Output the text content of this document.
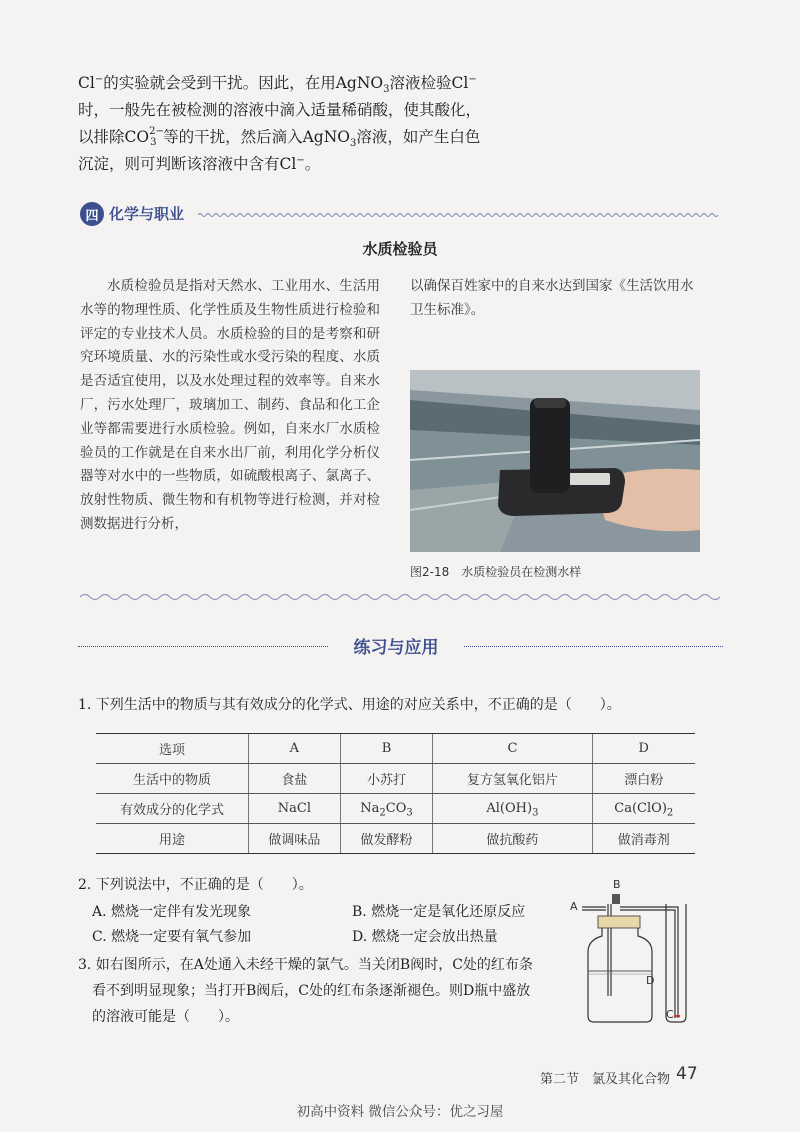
Cl−的实验就会受到干扰。因此，在用AgNO$_3$溶液检验Cl−

时，一般先在被检测的溶液中滴入适量稀硝酸，使其酸化，

以排除CO 2−
3 等的干扰，然后滴入AgNO$_3$溶液，如产生白色

沉淀，则可判断该溶液中含有Cl−。

四 化学与职业
水质检验员

水质检验员是指对天然水、工业用水、生活用水等的物理性质、化学性质及生物性质进行检验和评定的专业技术人员。水质检验的目的是考察和研究环境质量、水的污染性或水受污染的程度、水质是否适宜使用，以及水处理过程的效率等。自来水厂，污水处理厂，玻璃加工、制药、食品和化工企业等都需要进行水质检验。例如，自来水厂水质检验员的工作就是在自来水出厂前，利用化学分析仪器等对水中的一些物质，如硫酸根离子、氯离子、放射性物质、微生物和有机物等进行检测，并对检测数据进行分析，

以确保百姓家中的自来水达到国家《生活饮用水卫生标准》。

图2-18 水质检验员在检测水样
练习与应用
1. 下列生活中的物质与其有效成分的化学式、用途的对应关系中，不正确的是（　　）。
选项	A	B	C	D
生活中的物质	食盐	小苏打	复方氢氧化铝片	漂白粉
有效成分的化学式	NaCl	$Na_2CO_3$	$Al(OH)_3$	$Ca(ClO)_2$
用途	做调味品	做发酵粉	做抗酸药	做消毒剂
2. 下列说法中，不正确的是（　　）。
A. 燃烧一定伴有发光现象	B. 燃烧一定是氧化还原反应
C. 燃烧一定要有氧气参加	D. 燃烧一定会放出热量
3. 如右图所示，在A处通入未经干燥的氯气。当关闭B阀时，C处的红布条
看不到明显现象；当打开B阀后，C处的红布条逐渐褪色。则D瓶中盛放
的溶液可能是（　　）。
B
A
D
C
第二节　氯及其化合物 47
初高中资料 微信公众号：优之习屋
